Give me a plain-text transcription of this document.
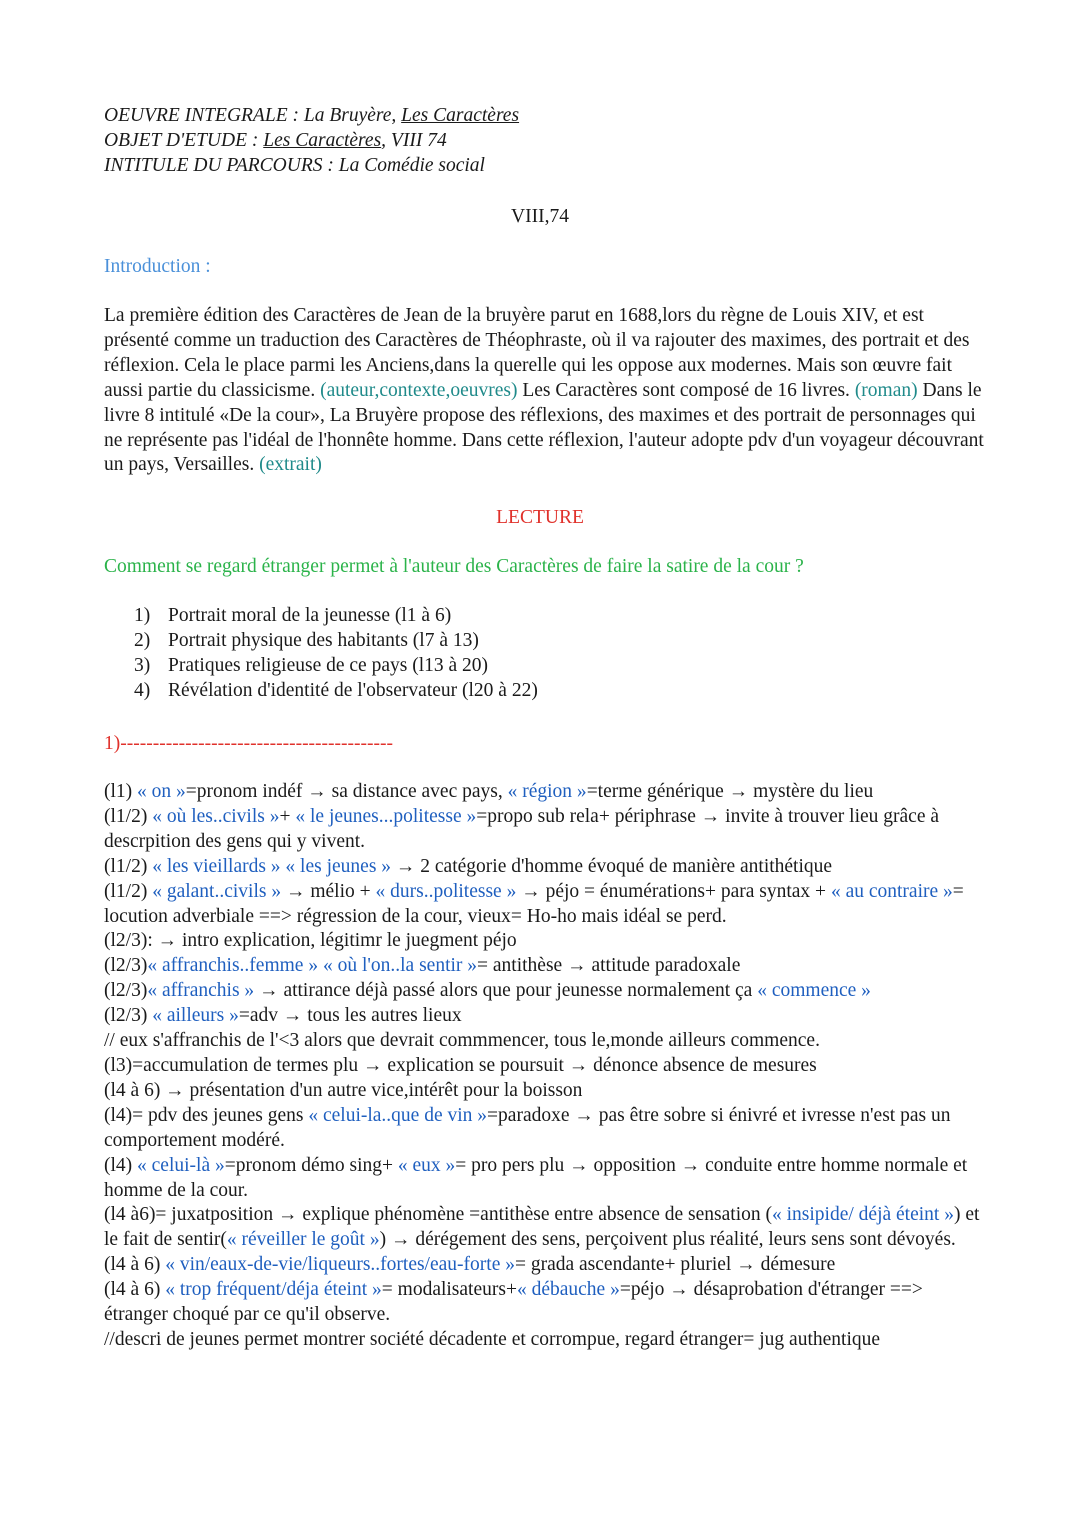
OEUVRE INTEGRALE : La Bruyère, Les Caractères
OBJET D'ETUDE : Les Caractères, VIII 74
INTITULE DU PARCOURS : La Comédie social
VIII,74
Introduction :
La première édition des Caractères de Jean de la bruyère parut en 1688,lors du règne de Louis XIV, et est présenté comme un traduction des Caractères de Théophraste, où il va rajouter des maximes, des portrait et des réflexion. Cela le place parmi les Anciens,dans la querelle qui les oppose aux modernes. Mais son œuvre fait aussi partie du classicisme. (auteur,contexte,oeuvres) Les Caractères sont composé de 16 livres. (roman) Dans le livre 8 intitulé «De la cour», La Bruyère propose des réflexions, des maximes et des portrait de personnages qui ne représente pas l'idéal de l'honnête homme. Dans cette réflexion, l'auteur adopte pdv d'un voyageur découvrant un pays, Versailles. (extrait)
LECTURE
Comment se regard étranger permet à l'auteur des Caractères de faire la satire de la cour ?
1) Portrait moral de la jeunesse (l1 à 6)
2) Portrait physique des habitants (l7 à 13)
3) Pratiques religieuse de ce pays (l13 à 20)
4) Révélation d'identité de l'observateur (l20 à 22)
1)------------------------------------------
(l1) « on »=pronom indéf → sa distance avec pays, « région »=terme générique → mystère du lieu
(l1/2) « où les..civils »+ « le jeunes...politesse »=propo sub rela+ périphrase → invite à trouver lieu grâce à descrpition des gens qui y vivent.
(l1/2) « les vieillards » « les jeunes » → 2 catégorie d'homme évoqué de manière antithétique
(l1/2) « galant..civils » → mélio + « durs..politesse » → péjo = énumérations+ para syntax + « au contraire »= locution adverbiale ==> régression de la cour, vieux= Ho-ho mais idéal se perd.
(l2/3): → intro explication, légitimr le juegment péjo
(l2/3)« affranchis..femme » « où l'on..la sentir »= antithèse → attitude paradoxale
(l2/3)« affranchis » → attirance déjà passé alors que pour jeunesse normalement ça « commence »
(l2/3) « ailleurs »=adv → tous les autres lieux
// eux s'affranchis de l'<3 alors que devrait commmencer, tous le,monde ailleurs commence.
(l3)=accumulation de termes plu → explication se poursuit → dénonce absence de mesures
(l4 à 6) → présentation d'un autre vice,intérêt pour la boisson
(l4)= pdv des jeunes gens « celui-la..que de vin »=paradoxe → pas être sobre si énivré et ivresse n'est pas un comportement modéré.
(l4) « celui-là »=pronom démo sing+ « eux »= pro pers plu → opposition → conduite entre homme normale et homme de la cour.
(l4 à6)= juxatposition → explique phénomène =antithèse entre absence de sensation (« insipide/ déjà éteint ») et le fait de sentir(« réveiller le goût ») → dérégement des sens, perçoivent plus réalité, leurs sens sont dévoyés.
(l4 à 6) « vin/eaux-de-vie/liqueurs..fortes/eau-forte »= grada ascendante+ pluriel → démesure
(l4 à 6) « trop fréquent/déja éteint »= modalisateurs+« débauche »=péjo → désaprobation d'étranger ==> étranger choqué par ce qu'il observe.
//descri de jeunes permet montrer société décadente et corrompue, regard étranger= jug authentique
